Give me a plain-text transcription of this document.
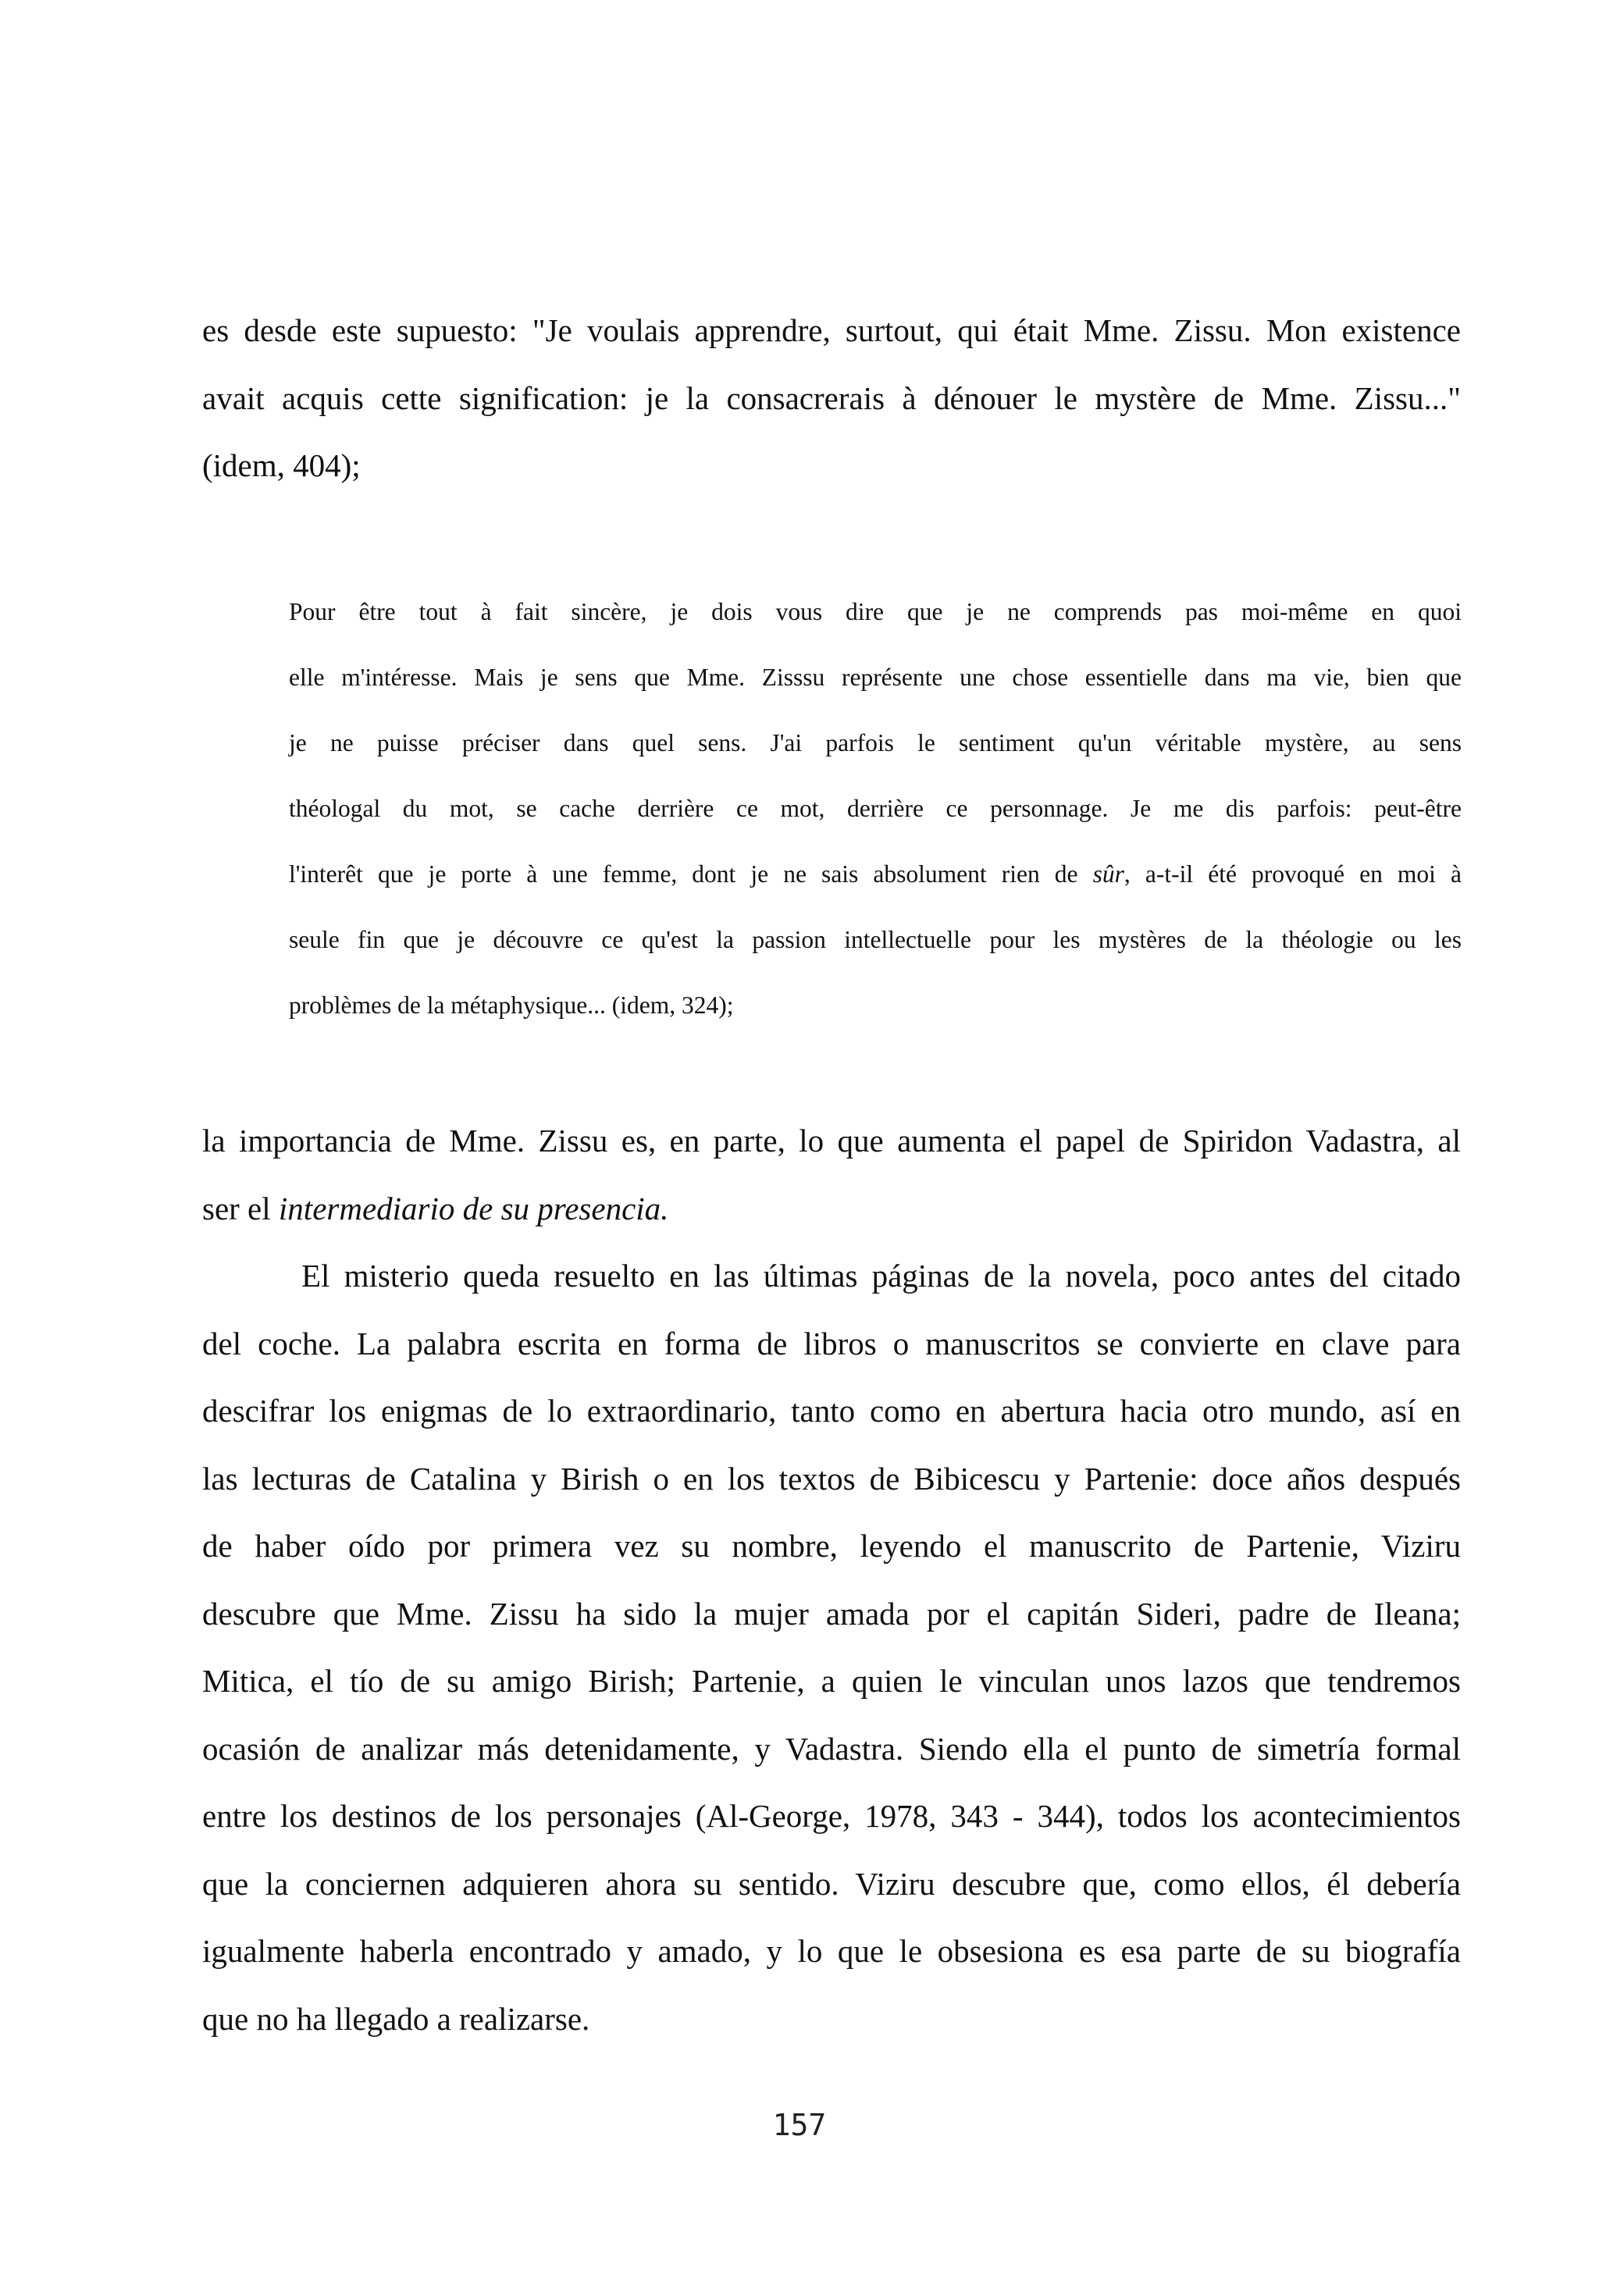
es desde este supuesto: "Je voulais apprendre, surtout, qui était Mme. Zissu. Mon existence
avait acquis cette signification: je la consacrerais à dénouer le mystère de Mme. Zissu..."
(idem, 404);

Pour être tout à fait sincère, je dois vous dire que je ne comprends pas moi-même en quoi
elle m'intéresse. Mais je sens que Mme. Zisssu représente une chose essentielle dans ma vie, bien que
je ne puisse préciser dans quel sens. J'ai parfois le sentiment qu'un véritable mystère, au sens
théologal du mot, se cache derrière ce mot, derrière ce personnage. Je me dis parfois: peut-être
l'interêt que je porte à une femme, dont je ne sais absolument rien de sûr, a-t-il été provoqué en moi à
seule fin que je découvre ce qu'est la passion intellectuelle pour les mystères de la théologie ou les
problèmes de la métaphysique... (idem, 324);

la importancia de Mme. Zissu es, en parte, lo que aumenta el papel de Spiridon Vadastra, al
ser el intermediario de su presencia.

El misterio queda resuelto en las últimas páginas de la novela, poco antes del citado
del coche. La palabra escrita en forma de libros o manuscritos se convierte en clave para
descifrar los enigmas de lo extraordinario, tanto como en abertura hacia otro mundo, así en
las lecturas de Catalina y Birish o en los textos de Bibicescu y Partenie: doce años después
de haber oído por primera vez su nombre, leyendo el manuscrito de Partenie, Viziru
descubre que Mme. Zissu ha sido la mujer amada por el capitán Sideri, padre de Ileana;
Mitica, el tío de su amigo Birish; Partenie, a quien le vinculan unos lazos que tendremos
ocasión de analizar más detenidamente, y Vadastra. Siendo ella el punto de simetría formal
entre los destinos de los personajes (Al-George, 1978, 343 - 344), todos los acontecimientos
que la conciernen adquieren ahora su sentido. Viziru descubre que, como ellos, él debería
igualmente haberla encontrado y amado, y lo que le obsesiona es esa parte de su biografía
que no ha llegado a realizarse.

157
